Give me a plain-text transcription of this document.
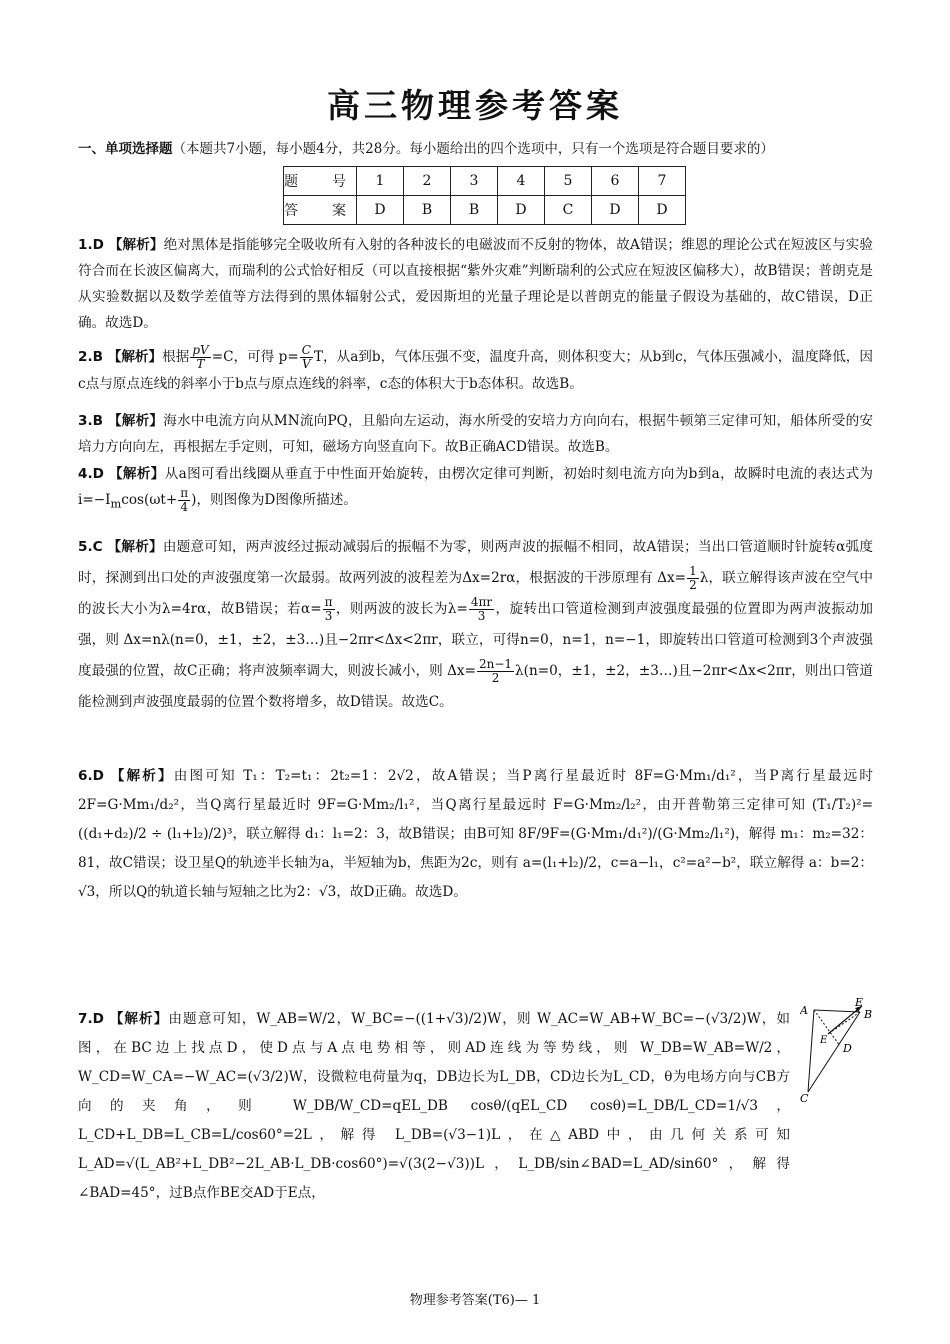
高三物理参考答案
一、单项选择题（本题共7小题，每小题4分，共28分。每小题给出的四个选项中，只有一个选项是符合题目要求的）
题　号	1	2	3	4	5	6	7
答　案	D	B	B	D	C	D	D

1.D 【解析】绝对黑体是指能够完全吸收所有入射的各种波长的电磁波而不反射的物体，故A错误；维恩的理论公式在短波区与实验符合而在长波区偏离大，而瑞利的公式恰好相反（可以直接根据“紫外灾难”判断瑞利的公式应在短波区偏移大），故B错误；普朗克是从实验数据以及数学差值等方法得到的黑体辐射公式，爱因斯坦的光量子理论是以普朗克的能量子假设为基础的，故C错误，D正确。故选D。

2.B 【解析】根据 $\frac{pV}{T} =C$，可得 $p= \frac{C}{V}$ T，从a到b，气体压强不变，温度升高，则体积变大；从b到c，气体压强减小，温度降低，因c点与原点连线的斜率小于b点与原点连线的斜率，c态的体积大于b态体积。故选B。

3.B 【解析】海水中电流方向从MN流向PQ，且船向左运动，海水所受的安培力方向向右，根据牛顿第三定律可知，船体所受的安培力方向向左，再根据左手定则，可知，磁场方向竖直向下。故B正确ACD错误。故选B。

4.D 【解析】从a图可看出线圈从垂直于中性面开始旋转，由楞次定律可判断，初始时刻电流方向为b到a，故瞬时电流的表达式为 $i=-I_m\cos(\omega t+ \frac{\pi}{4}$ )，则图像为D图像所描述。

5.C 【解析】由题意可知，两声波经过振动减弱后的振幅不为零，则两声波的振幅不相同，故A错误；当出口管道顺时针旋转α弧度时，探测到出口处的声波强度第一次最弱。故两列波的波程差为Δx=2rα，根据波的干涉原理有 $\Delta x= \frac{1}{2}$ λ，联立解得该声波在空气中的波长大小为λ=4rα，故B错误；若$\alpha= \frac{\pi}{3}$ ，则两波的波长为$\lambda= \frac{4\pi r}{3}$ ，旋转出口管道检测到声波强度最强的位置即为两声波振动加强，则 Δx=nλ(n=0，±1，±2，±3…)且−2πr<Δx<2πr，联立，可得n=0，n=1，n=−1，即旋转出口管道可检测到3个声波强度最强的位置，故C正确；将声波频率调大，则波长减小，则 $\Delta x= \frac{2n-1}{2} \lambda(n=0$，±1，±2，±3…)且−2πr<Δx<2πr，则出口管道能检测到声波强度最弱的位置个数将增多，故D错误。故选C。

6.D 【解析】由图可知 T₁：T₂=t₁：2t₂=1：2√2，故A错误；当P离行星最近时 8F=G·Mm₁/d₁²，当P离行星最远时 2F=G·Mm₁/d₂²，当Q离行星最近时 9F=G·Mm₂/l₁²，当Q离行星最远时 F=G·Mm₂/l₂²，由开普勒第三定律可知 (T₁/T₂)²=((d₁+d₂)/2 ÷ (l₁+l₂)/2)³，联立解得 d₁：l₁=2：3，故B错误；由B可知 8F/9F=(G·Mm₁/d₁²)/(G·Mm₂/l₁²)，解得 m₁：m₂=32：81，故C错误；设卫星Q的轨迹半长轴为a，半短轴为b，焦距为2c，则有 a=(l₁+l₂)/2，c=a−l₁，c²=a²−b²，联立解得 a：b=2：√3，所以Q的轨道长轴与短轴之比为2：√3，故D正确。故选D。

7.D 【解析】由题意可知，W_AB=W/2，W_BC=−((1+√3)/2)W，则 W_AC=W_AB+W_BC=−(√3/2)W，如图，在BC边上找点D，使D点与A点电势相等，则AD连线为等势线，则 W_DB=W_AB=W/2，W_CD=W_CA=−W_AC=(√3/2)W，设微粒电荷量为q，DB边长为L_DB，CD边长为L_CD，θ为电场方向与CB方向的夹角，则 W_DB/W_CD=qEL_DB cosθ/(qEL_CD cosθ)=L_DB/L_CD=1/√3，L_CD+L_DB=L_CB=L/cos60°=2L，解得 L_DB=(√3−1)L，在△ABD中，由几何关系可知 L_AD=√(L_AB²+L_DB²−2L_AB·L_DB·cos60°)=√(3(2−√3))L，L_DB/sin∠BAD=L_AD/sin60°，解得∠BAD=45°，过B点作BE交AD于E点，

A	B
C
D
E
E
物理参考答案(T6)— 1
